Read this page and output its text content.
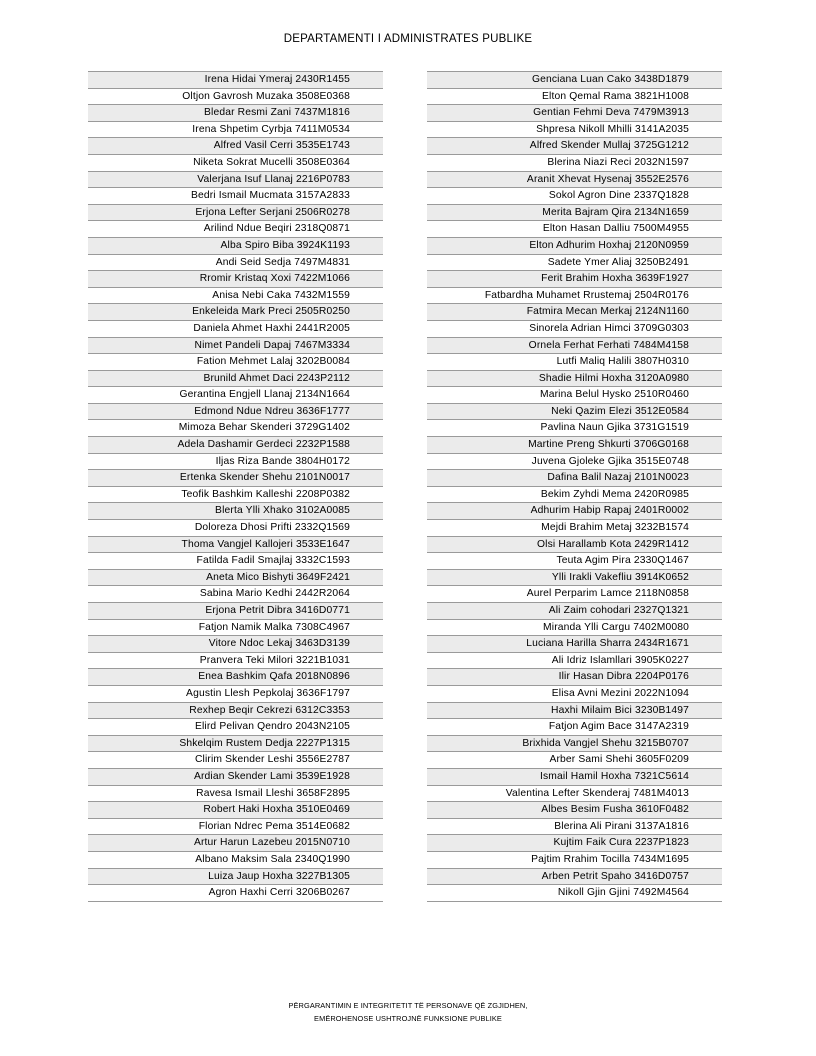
DEPARTAMENTI I ADMINISTRATES PUBLIKE
Irena Hidai Ymeraj 2430R1455
Oltjon Gavrosh Muzaka 3508E0368
Bledar Resmi Zani 7437M1816
Irena Shpetim Cyrbja 7411M0534
Alfred Vasil Cerri 3535E1743
Niketa Sokrat Mucelli 3508E0364
Valerjana Isuf Llanaj 2216P0783
Bedri Ismail Mucmata 3157A2833
Erjona Lefter Serjani 2506R0278
Arilind Ndue Beqiri 2318Q0871
Alba Spiro Biba 3924K1193
Andi Seid Sedja 7497M4831
Rromir Kristaq Xoxi 7422M1066
Anisa Nebi Caka 7432M1559
Enkeleida Mark Preci 2505R0250
Daniela Ahmet Haxhi 2441R2005
Nimet Pandeli Dapaj 7467M3334
Fation Mehmet Lalaj 3202B0084
Brunild Ahmet Daci 2243P2112
Gerantina Engjell Llanaj 2134N1664
Edmond Ndue Ndreu 3636F1777
Mimoza Behar Skenderi 3729G1402
Adela Dashamir Gerdeci 2232P1588
Iljas Riza Bande 3804H0172
Ertenka Skender Shehu 2101N0017
Teofik Bashkim Kalleshi 2208P0382
Blerta Ylli Xhako 3102A0085
Doloreza Dhosi Prifti 2332Q1569
Thoma Vangjel Kallojeri 3533E1647
Fatilda Fadil Smajlaj 3332C1593
Aneta Mico Bishyti 3649F2421
Sabina Mario Kedhi 2442R2064
Erjona Petrit Dibra 3416D0771
Fatjon Namik Malka 7308C4967
Vitore Ndoc Lekaj 3463D3139
Pranvera Teki Milori 3221B1031
Enea Bashkim Qafa 2018N0896
Agustin Llesh Pepkolaj 3636F1797
Rexhep Beqir Cekrezi 6312C3353
Elird Pelivan Qendro 2043N2105
Shkelqim Rustem Dedja 2227P1315
Clirim Skender Leshi 3556E2787
Ardian Skender Lami 3539E1928
Ravesa Ismail Lleshi 3658F2895
Robert Haki Hoxha 3510E0469
Florian Ndrec Pema 3514E0682
Artur Harun Lazebeu 2015N0710
Albano Maksim Sala 2340Q1990
Luiza Jaup Hoxha 3227B1305
Agron Haxhi Cerri 3206B0267
Genciana Luan Cako 3438D1879
Elton Qemal Rama 3821H1008
Gentian Fehmi Deva 7479M3913
Shpresa Nikoll Mhilli 3141A2035
Alfred Skender Mullaj 3725G1212
Blerina Niazi Reci 2032N1597
Aranit Xhevat Hysenaj 3552E2576
Sokol Agron Dine 2337Q1828
Merita Bajram Qira 2134N1659
Elton Hasan Dalliu 7500M4955
Elton Adhurim Hoxhaj 2120N0959
Sadete Ymer Aliaj 3250B2491
Ferit Brahim Hoxha 3639F1927
Fatbardha Muhamet Rrustemaj 2504R0176
Fatmira Mecan Merkaj 2124N1160
Sinorela Adrian Himci 3709G0303
Ornela Ferhat Ferhati 7484M4158
Lutfi Maliq Halili 3807H0310
Shadie Hilmi Hoxha 3120A0980
Marina Belul Hysko 2510R0460
Neki Qazim Elezi 3512E0584
Pavlina Naun Gjika 3731G1519
Martine Preng Shkurti 3706G0168
Juvena Gjoleke Gjika 3515E0748
Dafina Balil Nazaj 2101N0023
Bekim Zyhdi Mema 2420R0985
Adhurim Habip Rapaj 2401R0002
Mejdi Brahim Metaj 3232B1574
Olsi Harallamb Kota 2429R1412
Teuta Agim Pira 2330Q1467
Ylli Irakli Vakefliu 3914K0652
Aurel Perparim Lamce 2118N0858
Ali Zaim cohodari 2327Q1321
Miranda Ylli Cargu 7402M0080
Luciana Harilla Sharra 2434R1671
Ali Idriz Islamllari 3905K0227
Ilir Hasan Dibra 2204P0176
Elisa Avni Mezini 2022N1094
Haxhi Milaim Bici 3230B1497
Fatjon Agim Bace 3147A2319
Brixhida Vangjel Shehu 3215B0707
Arber Sami Shehi 3605F0209
Ismail Hamil Hoxha 7321C5614
Valentina Lefter Skenderaj 7481M4013
Albes Besim Fusha 3610F0482
Blerina Ali Pirani 3137A1816
Kujtim Faik Cura 2237P1823
Pajtim Rrahim Tocilla 7434M1695
Arben Petrit Spaho 3416D0757
Nikoll Gjin Gjini 7492M4564
PËRGARANTIMIN E INTEGRITETIT TË PERSONAVE QË ZGJIDHEN,
EMËROHENOSE USHTROJNË FUNKSIONE PUBLIKE
